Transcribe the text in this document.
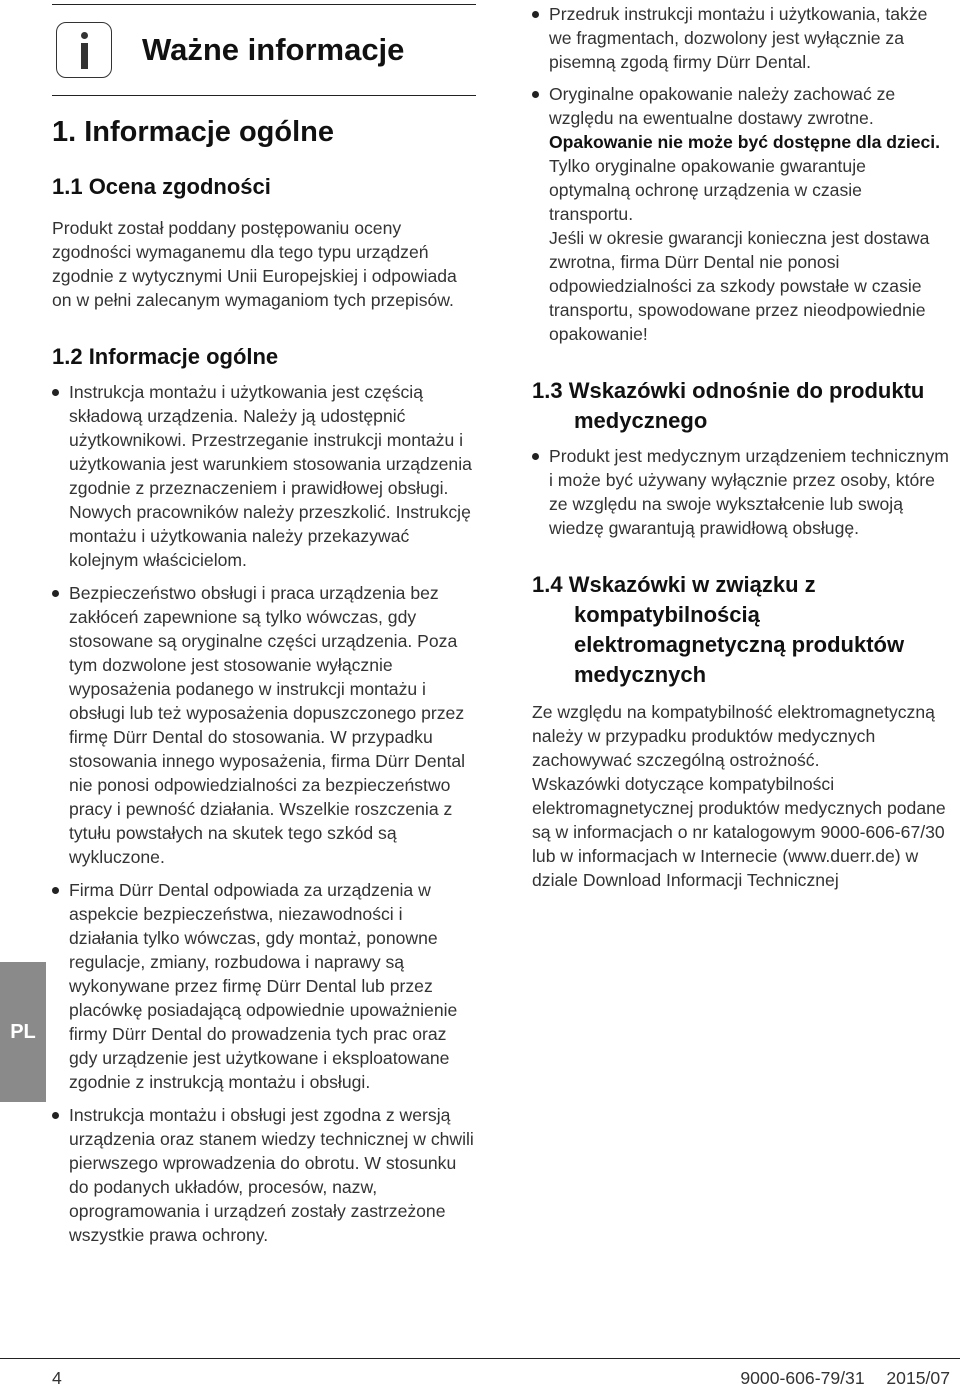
Ważne informacje
1. Informacje ogólne
1.1 Ocena zgodności

Produkt został poddany postępowaniu oceny zgodności wymaganemu dla tego typu urządzeń zgodnie z wytycznymi Unii Europejskiej i odpowiada on w pełni zalecanym wymaganiom tych przepisów.

1.2 Informacje ogólne
Instrukcja montażu i użytkowania jest częścią składową urządzenia. Należy ją udostępnić użytkownikowi. Przestrzeganie instrukcji montażu i użytkowania jest warunkiem stosowania urządzenia zgodnie z przeznaczeniem i prawidłowej obsługi. Nowych pracowników należy przeszkolić. Instrukcję montażu i użytkowania należy przekazywać kolejnym właścicielom.
Bezpieczeństwo obsługi i praca urządzenia bez zakłóceń zapewnione są tylko wówczas, gdy stosowane są oryginalne części urządzenia. Poza tym dozwolone jest stosowanie wyłącznie wyposażenia podanego w instrukcji montażu i obsługi lub też wyposażenia dopuszczonego przez firmę Dürr Dental do stosowania. W przypadku stosowania innego wyposażenia, firma Dürr Dental nie ponosi odpowiedzialności za bezpieczeństwo pracy i pewność działania. Wszelkie roszczenia z tytułu powstałych na skutek tego szkód są wykluczone.
Firma Dürr Dental odpowiada za urządzenia w aspekcie bezpieczeństwa, niezawodności i działania tylko wówczas, gdy montaż, ponowne regulacje, zmiany, rozbudowa i naprawy są wykonywane przez firmę Dürr Dental lub przez placówkę posiadającą odpowiednie upoważnienie firmy Dürr Dental do prowadzenia tych prac oraz gdy urządzenie jest użytkowane i eksploatowane zgodnie z instrukcją montażu i obsługi.
Instrukcja montażu i obsługi jest zgodna z wersją urządzenia oraz stanem wiedzy technicznej w chwili pierwszego wprowadzenia do obrotu. W stosunku do podanych układów, procesów, nazw, oprogramowania i urządzeń zostały zastrzeżone wszystkie prawa ochrony.
Przedruk instrukcji montażu i użytkowania, także we fragmentach, dozwolony jest wyłącznie za pisemną zgodą firmy Dürr Dental.
Oryginalne opakowanie należy zachować ze względu na ewentualne dostawy zwrotne. Opakowanie nie może być dostępne dla dzieci. Tylko oryginalne opakowanie gwarantuje optymalną ochronę urządzenia w czasie transportu.
Jeśli w okresie gwarancji konieczna jest dostawa zwrotna, firma Dürr Dental nie ponosi odpowiedzialności za szkody powstałe w czasie transportu, spowodowane przez nieodpowiednie opakowanie!
1.3 Wskazówki odnośnie do produktu medycznego
Produkt jest medycznym urządzeniem technicznym i może być używany wyłącznie przez osoby, które ze względu na swoje wykształcenie lub swoją wiedzę gwarantują prawidłową obsługę.
1.4 Wskazówki w związku z kompatybilnością elektromagnetyczną produktów medycznych

Ze względu na kompatybilność elektromagnetyczną należy w przypadku produktów medycznych zachowywać szczególną ostrożność.

Wskazówki dotyczące kompatybilności elektromagnetycznej produktów medycznych podane są w informacjach o nr katalogowym 9000-606-67/30 lub w informacjach w Internecie (www.duerr.de) w dziale Download Informacji Technicznej

PL
4	9000-606-79/31 2015/07
